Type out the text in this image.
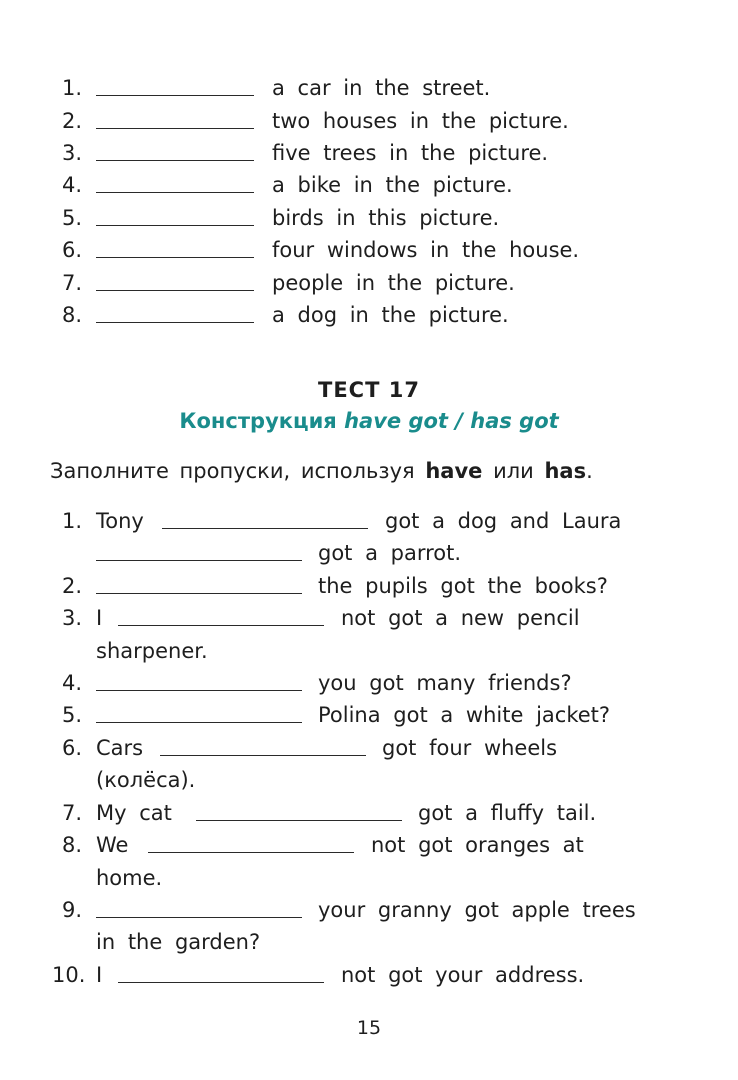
1.	a car in the street.
2.	two houses in the picture.
3.	five trees in the picture.
4.	a bike in the picture.
5.	birds in this picture.
6.	four windows in the house.
7.	people in the picture.
8.	a dog in the picture.
ТЕСТ 17
Конструкция have got / has got
Заполните пропуски, используя have или has.
1. Tony	got a dog and Laura
got a parrot.
2.	the pupils got the books?
3. I	not got a new pencil
sharpener.
4.	you got many friends?
5.	Polina got a white jacket?
6. Cars	got four wheels
(колёса).
7. My cat	got a fluffy tail.
8. We	not got oranges at
home.
9.	your granny got apple trees
in the garden?
10. I	not got your address.
15
